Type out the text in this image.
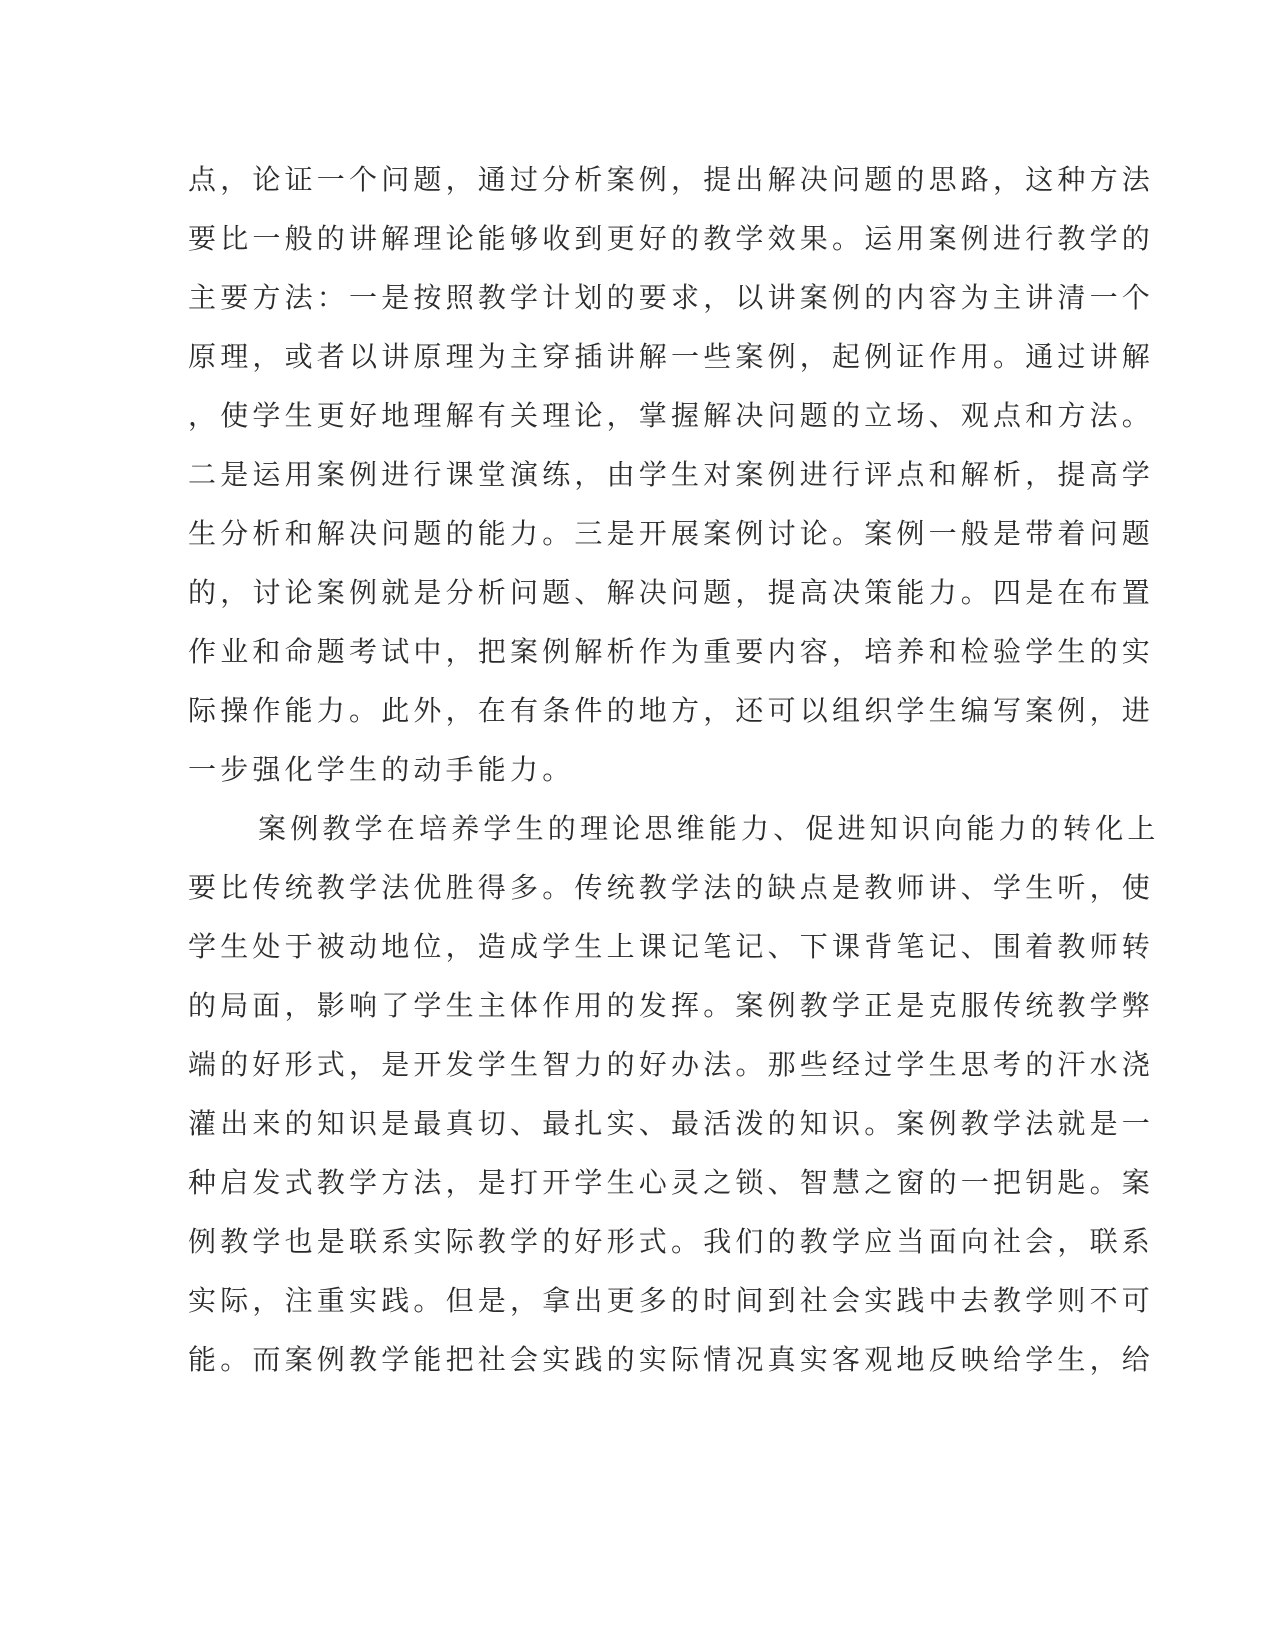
点，论证一个问题，通过分析案例，提出解决问题的思路，这种方法

要比一般的讲解理论能够收到更好的教学效果。运用案例进行教学的

主要方法：一是按照教学计划的要求，以讲案例的内容为主讲清一个

原理，或者以讲原理为主穿插讲解一些案例，起例证作用。通过讲解

，使学生更好地理解有关理论，掌握解决问题的立场、观点和方法。

二是运用案例进行课堂演练，由学生对案例进行评点和解析，提高学

生分析和解决问题的能力。三是开展案例讨论。案例一般是带着问题

的，讨论案例就是分析问题、解决问题，提高决策能力。四是在布置

作业和命题考试中，把案例解析作为重要内容，培养和检验学生的实

际操作能力。此外，在有条件的地方，还可以组织学生编写案例，进

一步强化学生的动手能力。

案例教学在培养学生的理论思维能力、促进知识向能力的转化上

要比传统教学法优胜得多。传统教学法的缺点是教师讲、学生听，使

学生处于被动地位，造成学生上课记笔记、下课背笔记、围着教师转

的局面，影响了学生主体作用的发挥。案例教学正是克服传统教学弊

端的好形式，是开发学生智力的好办法。那些经过学生思考的汗水浇

灌出来的知识是最真切、最扎实、最活泼的知识。案例教学法就是一

种启发式教学方法，是打开学生心灵之锁、智慧之窗的一把钥匙。案

例教学也是联系实际教学的好形式。我们的教学应当面向社会，联系

实际，注重实践。但是，拿出更多的时间到社会实践中去教学则不可

能。而案例教学能把社会实践的实际情况真实客观地反映给学生，给
